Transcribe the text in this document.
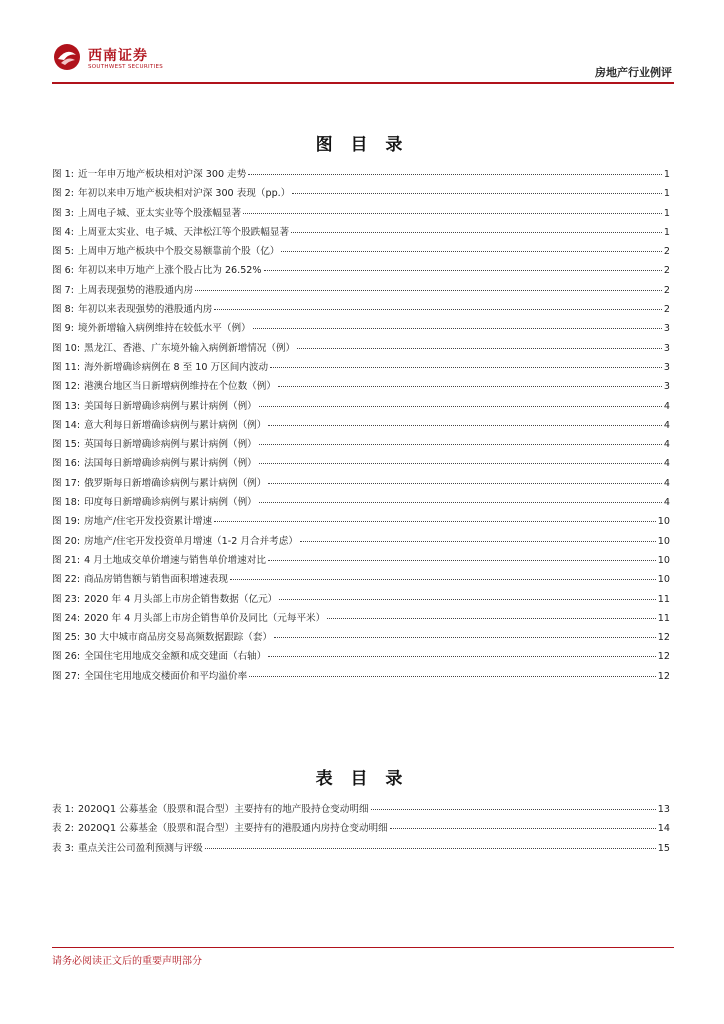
西南证券
SOUTHWEST SECURITIES	房地产行业例评
图 目 录
图 1: 近一年申万地产板块相对沪深 300 走势	1
图 2: 年初以来申万地产板块相对沪深 300 表现（pp.）	1
图 3: 上周电子城、亚太实业等个股涨幅显著	1
图 4: 上周亚太实业、电子城、天津松江等个股跌幅显著	1
图 5: 上周申万地产板块中个股交易额靠前个股（亿）	2
图 6: 年初以来申万地产上涨个股占比为 26.52%	2
图 7: 上周表现强势的港股通内房	2
图 8: 年初以来表现强势的港股通内房	2
图 9: 境外新增输入病例维持在较低水平（例）	3
图 10: 黑龙江、香港、广东境外输入病例新增情况（例）	3
图 11: 海外新增确诊病例在 8 至 10 万区间内波动	3
图 12: 港澳台地区当日新增病例维持在个位数（例）	3
图 13: 美国每日新增确诊病例与累计病例（例）	4
图 14: 意大利每日新增确诊病例与累计病例（例）	4
图 15: 英国每日新增确诊病例与累计病例（例）	4
图 16: 法国每日新增确诊病例与累计病例（例）	4
图 17: 俄罗斯每日新增确诊病例与累计病例（例）	4
图 18: 印度每日新增确诊病例与累计病例（例）	4
图 19: 房地产/住宅开发投资累计增速	10
图 20: 房地产/住宅开发投资单月增速（1-2 月合并考虑）	10
图 21: 4 月土地成交单价增速与销售单价增速对比	10
图 22: 商品房销售额与销售面积增速表现	10
图 23: 2020 年 4 月头部上市房企销售数据（亿元）	11
图 24: 2020 年 4 月头部上市房企销售单价及同比（元每平米）	11
图 25: 30 大中城市商品房交易高频数据跟踪（套）	12
图 26: 全国住宅用地成交金额和成交建面（右轴）	12
图 27: 全国住宅用地成交楼面价和平均溢价率	12
表 目 录
表 1: 2020Q1 公募基金（股票和混合型）主要持有的地产股持仓变动明细	13
表 2: 2020Q1 公募基金（股票和混合型）主要持有的港股通内房持仓变动明细	14
表 3: 重点关注公司盈利预测与评级	15
请务必阅读正文后的重要声明部分
